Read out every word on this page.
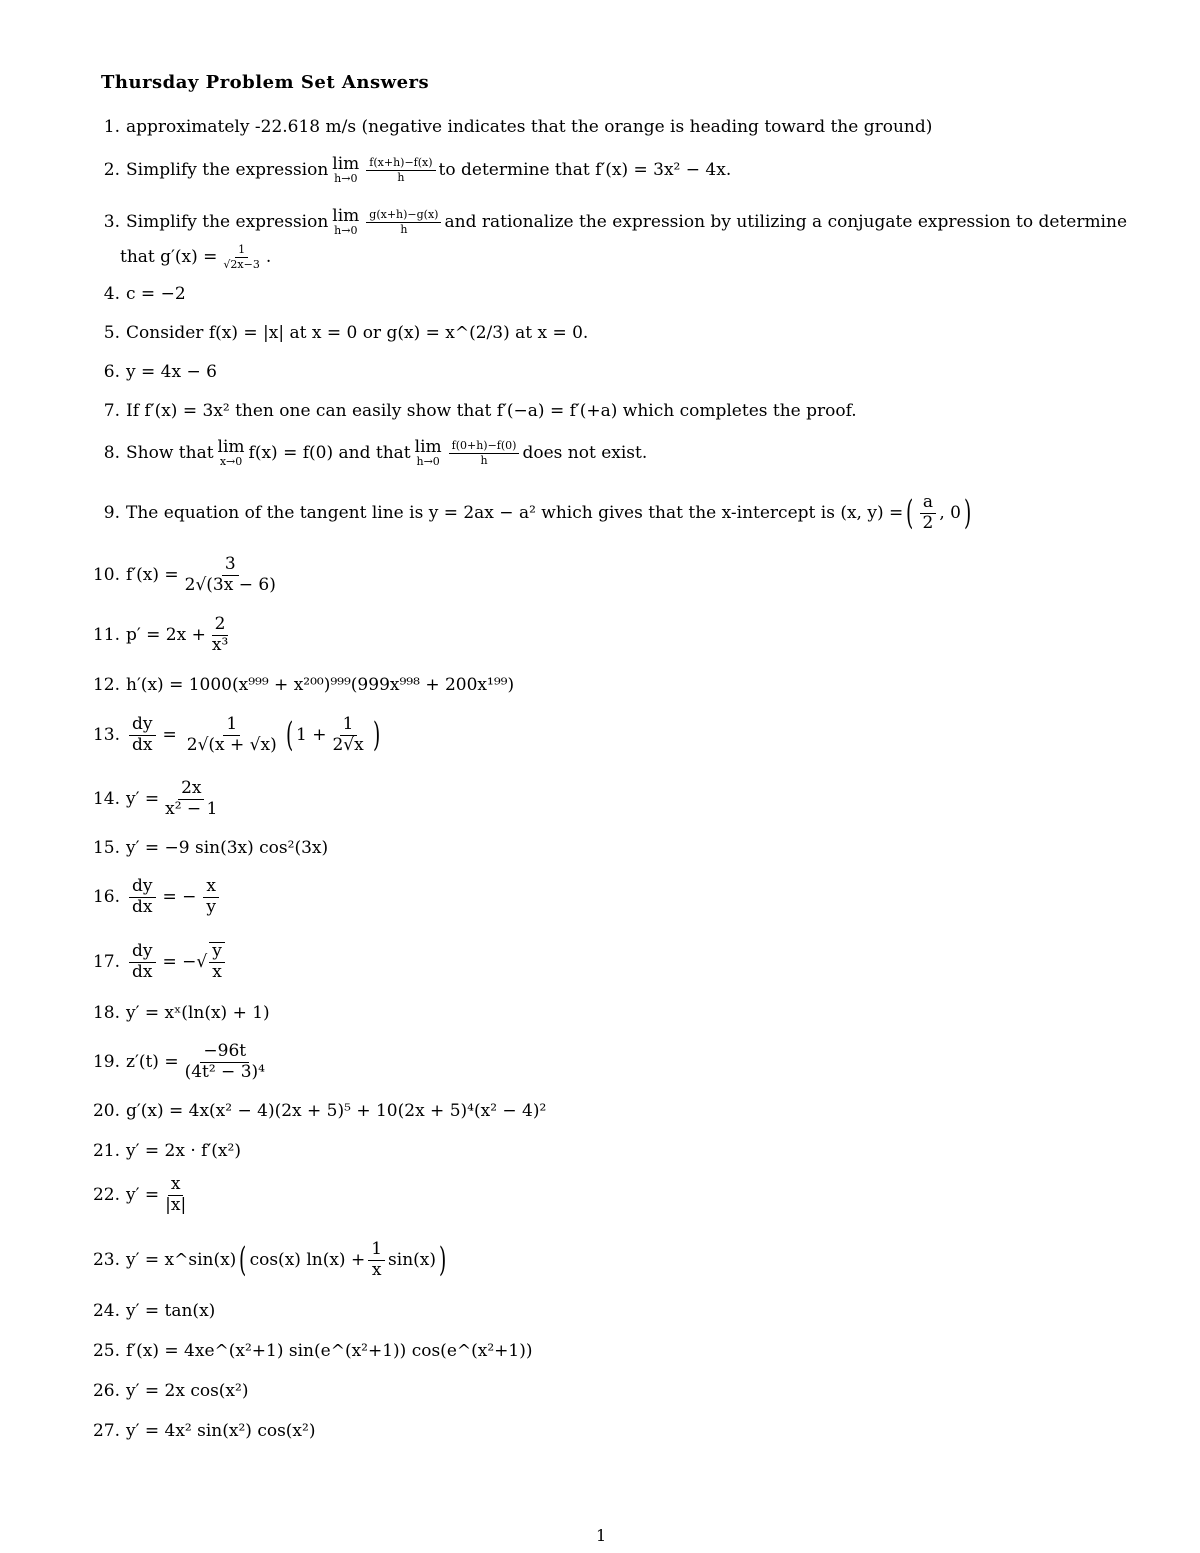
Thursday Problem Set Answers
1. approximately -22.618 m/s (negative indicates that the orange is heading toward the ground)
2. Simplify the expression lim
$h\to 0 \frac{f(x+h)-f(x)}{h}$ to determine that f′(x) = 3x² − 4x.
3. Simplify the expression lim
$h\to 0 \frac{g(x+h)-g(x)}{h}$ and rationalize the expression by utilizing a conjugate expression to determine
that $g'(x) = \frac{1}{√2x-3}$ .
4. c = −2
5. Consider f(x) = |x| at x = 0 or g(x) = x^(2/3) at x = 0.
6. y = 4x − 6
7. If f′(x) = 3x² then one can easily show that f′(−a) = f′(+a) which completes the proof.
8. Show that lim
x→0 f(x) = f(0) and that lim
$h\to 0 \frac{f(0+h)-f(0)}{h}$ does not exist.
9. The equation of the tangent line is y = 2ax − a² which gives that the x-intercept is (x, y) = ( $\frac{a}{2}$ , 0 )
10. $f'(x) = \frac{3}{2√(3x - 6)}$
11. $p' = 2x + \frac{2}{\text{x³}}$
12. h′(x) = 1000(x⁹⁹⁹ + x²⁰⁰)⁹⁹⁹(999x⁹⁹⁸ + 200x¹⁹⁹)
13. $\frac{dy}{dx} = \frac{1}{2√(x + √x)}$ ( $1 + \frac{1}{2√x}$ )
14. $y' = \frac{2x}{\text{x² − 1}}$
15. y′ = −9 sin(3x) cos²(3x)
16. $\frac{dy}{dx}$ = − $\frac{x}{y}$
17. $\frac{dy}{dx}$ = −√ $\frac{y}{x}$
18. y′ = xˣ(ln(x) + 1)
19. $z'(t) = \frac{-96t}{\text{(4t² − 3)⁴}}$
20. g′(x) = 4x(x² − 4)(2x + 5)⁵ + 10(2x + 5)⁴(x² − 4)²
21. y′ = 2x · f′(x²)
22. $y' = \frac{x}{|x|}$
23. y′ = x^sin(x) ( cos(x) $\ln(x) + \frac{1}{x} \sin(x)$ )
24. y′ = tan(x)
25. f′(x) = 4xe^(x²+1) sin(e^(x²+1)) cos(e^(x²+1))
26. y′ = 2x cos(x²)
27. y′ = 4x² sin(x²) cos(x²)
1
